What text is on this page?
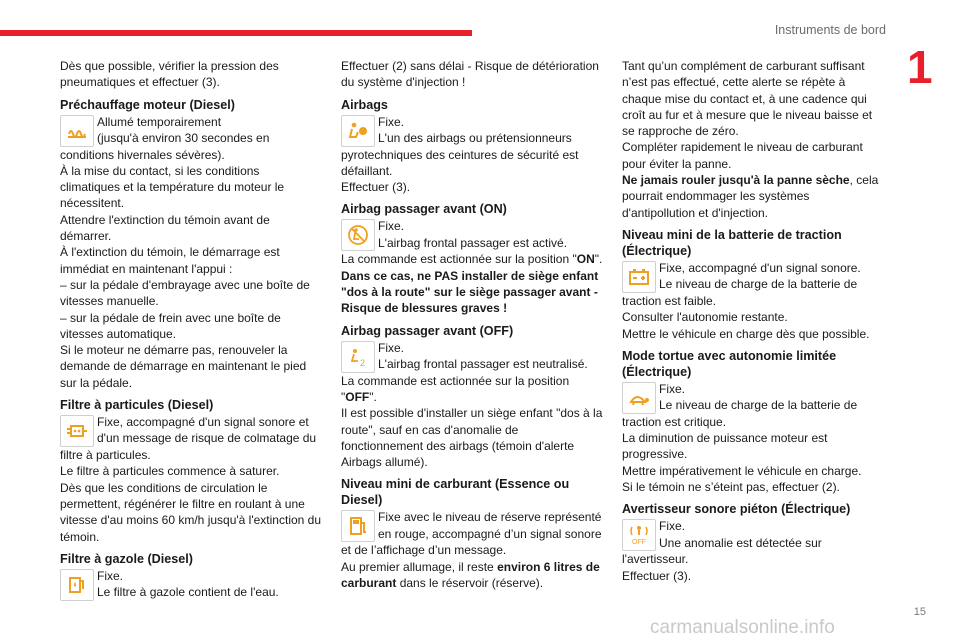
Instruments de bord
1

Dès que possible, vérifier la pression des pneumatiques et effectuer (3).

Préchauffage moteur (Diesel)

Allumé temporairement

(jusqu'à environ 30 secondes en

conditions hivernales sévères).

À la mise du contact, si les conditions climatiques et la température du moteur le nécessitent.

Attendre l'extinction du témoin avant de démarrer.

À l'extinction du témoin, le démarrage est immédiat en maintenant l'appui :

– sur la pédale d'embrayage avec une boîte de vitesses manuelle.

– sur la pédale de frein avec une boîte de vitesses automatique.

Si le moteur ne démarre pas, renouveler la demande de démarrage en maintenant le pied sur la pédale.

Filtre à particules (Diesel)

Fixe, accompagné d'un signal sonore et

d'un message de risque de colmatage du

filtre à particules.

Le filtre à particules commence à saturer.

Dès que les conditions de circulation le permettent, régénérer le filtre en roulant à une vitesse d'au moins 60 km/h jusqu'à l'extinction du témoin.

Filtre à gazole (Diesel)

Fixe.

Le filtre à gazole contient de l'eau.

Effectuer (2) sans délai - Risque de détérioration du système d'injection !

Airbags

Fixe.

L'un des airbags ou prétensionneurs

pyrotechniques des ceintures de sécurité est défaillant.

Effectuer (3).

Airbag passager avant (ON)

Fixe.

L'airbag frontal passager est activé.

La commande est actionnée sur la position "ON".

Dans ce cas, ne PAS installer de siège enfant "dos à la route" sur le siège passager avant - Risque de blessures graves !

Airbag passager avant (OFF)
2

Fixe.

L'airbag frontal passager est neutralisé.

La commande est actionnée sur la position "OFF".

Il est possible d'installer un siège enfant "dos à la route", sauf en cas d'anomalie de fonctionnement des airbags (témoin d'alerte Airbags allumé).

Niveau mini de carburant (Essence ou Diesel)

Fixe avec le niveau de réserve représenté

en rouge, accompagné d’un signal sonore

et de l’affichage d’un message.

Au premier allumage, il reste environ 6 litres de carburant dans le réservoir (réserve).

Tant qu’un complément de carburant suffisant n’est pas effectué, cette alerte se répète à chaque mise du contact et, à une cadence qui croît au fur et à mesure que le niveau baisse et se rapproche de zéro.

Compléter rapidement le niveau de carburant pour éviter la panne.

Ne jamais rouler jusqu'à la panne sèche, cela pourrait endommager les systèmes d'antipollution et d'injection.

Niveau mini de la batterie de traction (Électrique)

Fixe, accompagné d'un signal sonore.

Le niveau de charge de la batterie de

traction est faible.

Consulter l'autonomie restante.

Mettre le véhicule en charge dès que possible.

Mode tortue avec autonomie limitée (Électrique)

Fixe.

Le niveau de charge de la batterie de

traction est critique.

La diminution de puissance moteur est progressive.

Mettre impérativement le véhicule en charge.

Si le témoin ne s’éteint pas, effectuer (2).

Avertisseur sonore piéton (Électrique)
OFF

Fixe.

Une anomalie est détectée sur

l'avertisseur.

Effectuer (3).

15
carmanualsonline.info
